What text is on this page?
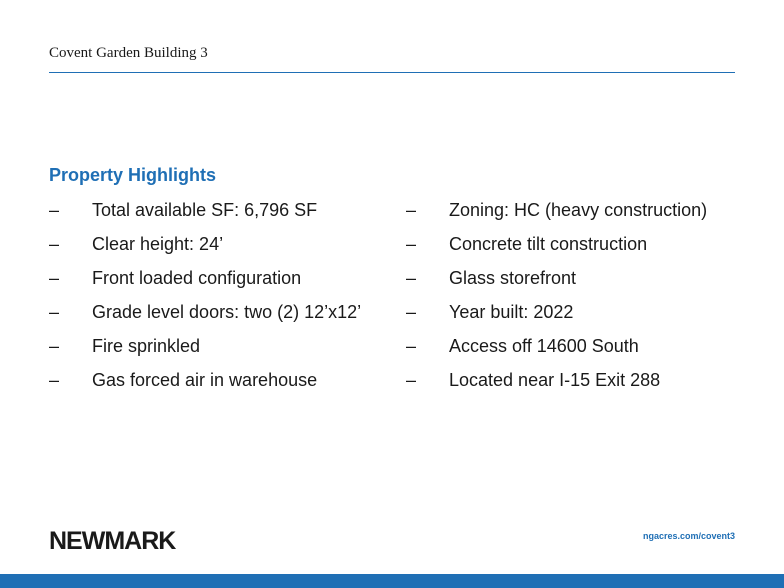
Covent Garden Building 3
Property Highlights
– Total available SF: 6,796 SF
– Clear height: 24’
– Front loaded configuration
– Grade level doors: two (2) 12’x12’
– Fire sprinkled
– Gas forced air in warehouse
– Zoning: HC (heavy construction)
– Concrete tilt construction
– Glass storefront
– Year built: 2022
– Access off 14600 South
– Located near I-15 Exit 288
NEWMARK	ngacres.com/covent3
